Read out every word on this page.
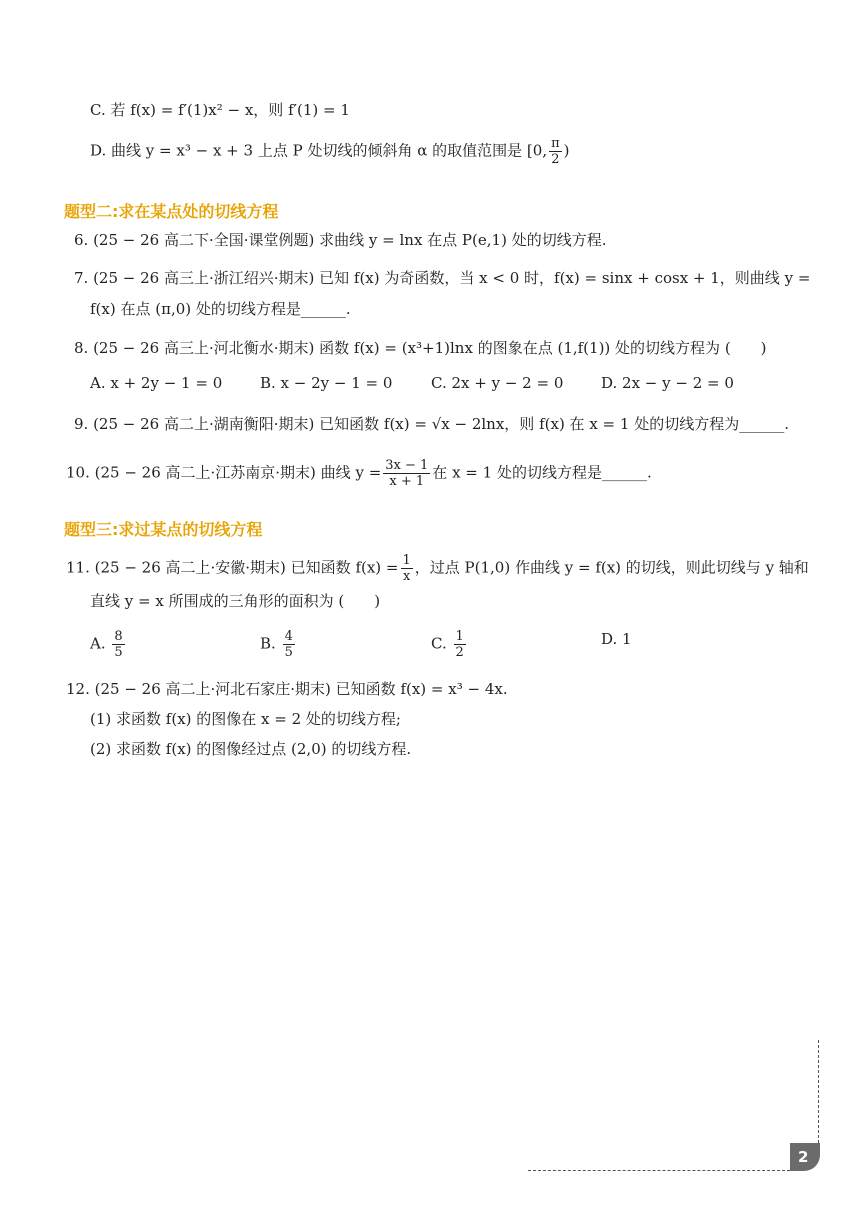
C. 若 f(x) = f′(1)x² − x，则 f′(1) = 1
D. 曲线 y = x³ − x + 3 上点 P 处切线的倾斜角 α 的取值范围是 [0, $\frac{\pi}{2}$ )
题型二:求在某点处的切线方程
6. (25 − 26 高二下·全国·课堂例题) 求曲线 y = lnx 在点 P(e,1) 处的切线方程.
7. (25 − 26 高三上·浙江绍兴·期末) 已知 f(x) 为奇函数，当 x < 0 时，f(x) = sinx + cosx + 1，则曲线 y =
f(x) 在点 (π,0) 处的切线方程是______.
8. (25 − 26 高三上·河北衡水·期末) 函数 f(x) = (x³+1)lnx 的图象在点 (1,f(1)) 处的切线方程为 (　　)
A. x + 2y − 1 = 0	B. x − 2y − 1 = 0	C. 2x + y − 2 = 0	D. 2x − y − 2 = 0
9. (25 − 26 高二上·湖南衡阳·期末) 已知函数 f(x) = √x − 2lnx，则 f(x) 在 x = 1 处的切线方程为______.
10. (25 − 26 高二上·江苏南京·期末) 曲线 $y = \frac{3x - 1}{x + 1}$ 在 x = 1 处的切线方程是______.
题型三:求过某点的切线方程
11. (25 − 26 高二上·安徽·期末) 已知函数 $f(x) = \frac{1}{x}$ ，过点 P(1,0) 作曲线 y = f(x) 的切线，则此切线与 y 轴和
直线 y = x 所围成的三角形的面积为 (　　)
A. $\frac{8}{5}$	B. $\frac{4}{5}$	C. $\frac{1}{2}$	D. 1
12. (25 − 26 高二上·河北石家庄·期末) 已知函数 f(x) = x³ − 4x.
(1) 求函数 f(x) 的图像在 x = 2 处的切线方程;
(2) 求函数 f(x) 的图像经过点 (2,0) 的切线方程.
2
